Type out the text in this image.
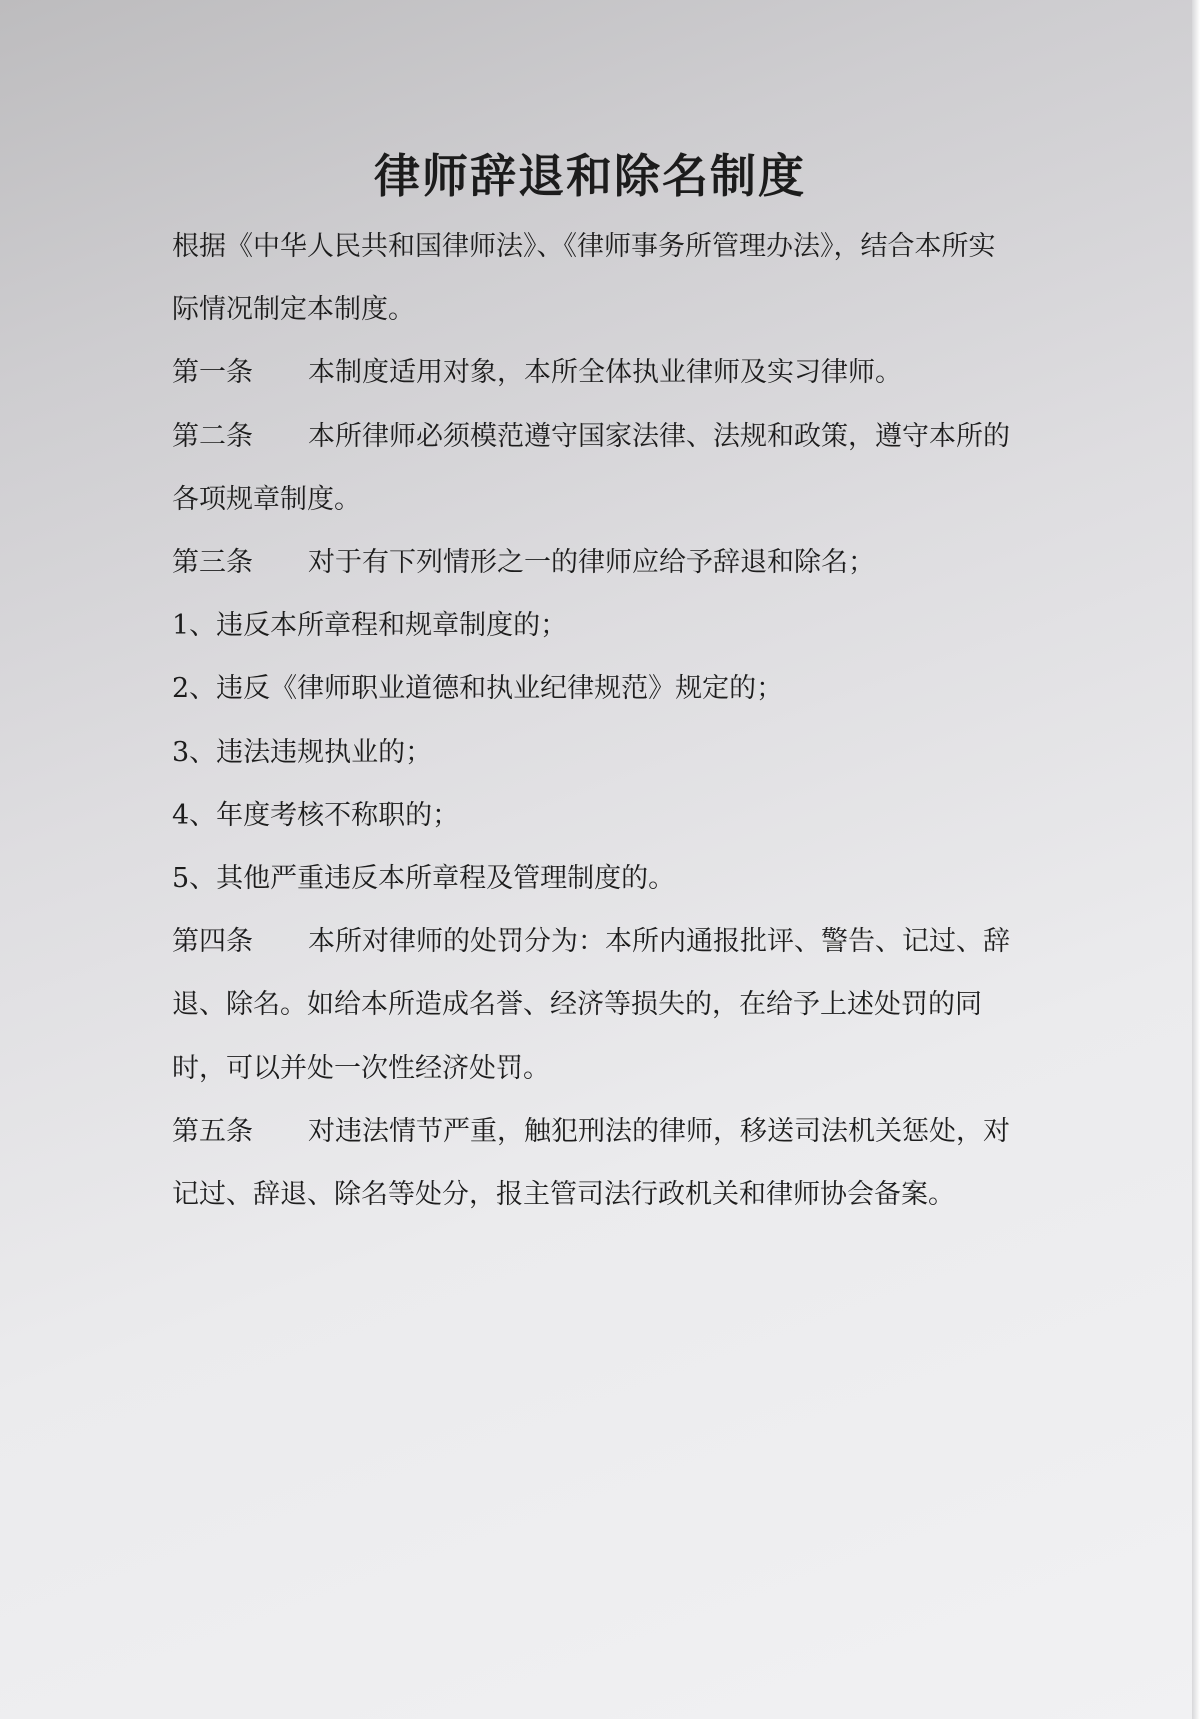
律师辞退和除名制度

根据《中华人民共和国律师法》、《律师事务所管理办法》，结合本所实际情况制定本制度。

第一条 本制度适用对象，本所全体执业律师及实习律师。

第二条 本所律师必须模范遵守国家法律、法规和政策，遵守本所的各项规章制度。

第三条 对于有下列情形之一的律师应给予辞退和除名；

1、违反本所章程和规章制度的；

2、违反《律师职业道德和执业纪律规范》规定的；

3、违法违规执业的；

4、年度考核不称职的；

5、其他严重违反本所章程及管理制度的。

第四条 本所对律师的处罚分为：本所内通报批评、警告、记过、辞退、除名。如给本所造成名誉、经济等损失的，在给予上述处罚的同时，可以并处一次性经济处罚。

第五条 对违法情节严重，触犯刑法的律师，移送司法机关惩处，对记过、辞退、除名等处分，报主管司法行政机关和律师协会备案。
